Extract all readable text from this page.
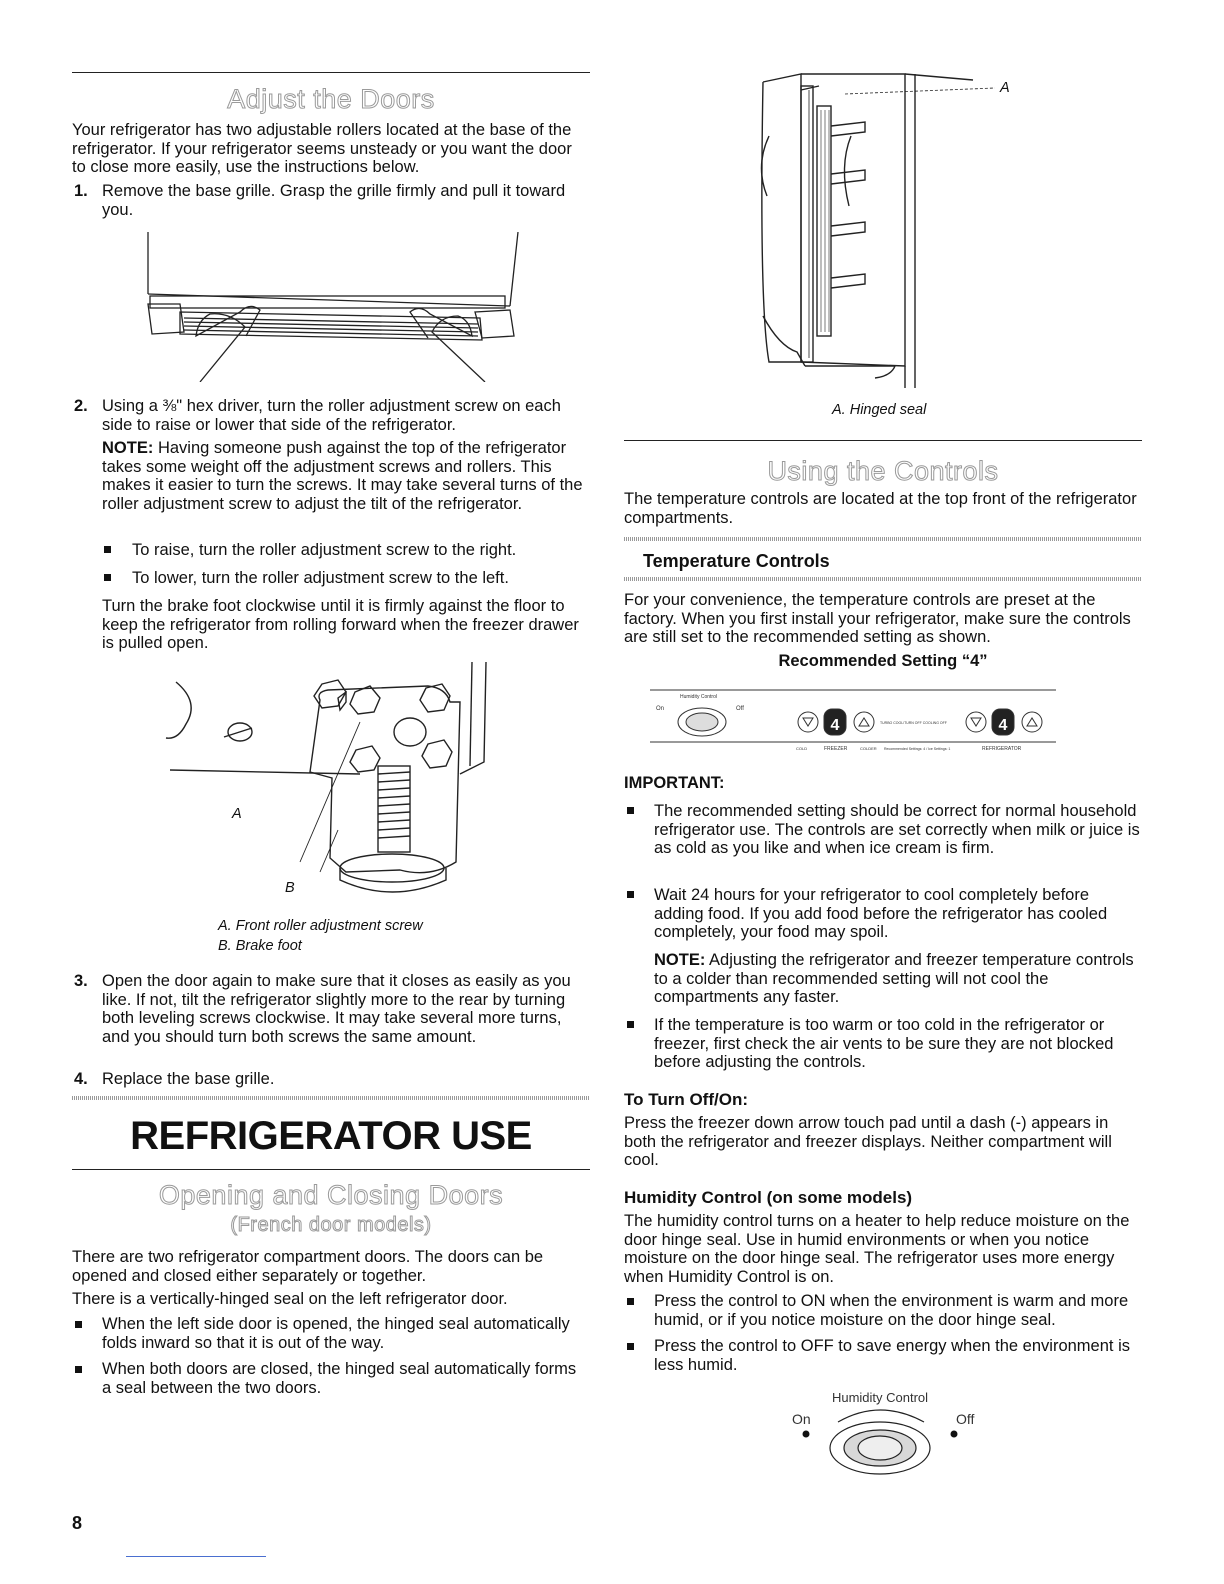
Adjust the Doors
Your refrigerator has two adjustable rollers located at the base of the refrigerator. If your refrigerator seems unsteady or you want the door to close more easily, use the instructions below.
1. Remove the base grille. Grasp the grille firmly and pull it toward you.
2. Using a ⅜" hex driver, turn the roller adjustment screw on each side to raise or lower that side of the refrigerator.
NOTE: Having someone push against the top of the refrigerator takes some weight off the adjustment screws and rollers. This makes it easier to turn the screws. It may take several turns of the roller adjustment screw to adjust the tilt of the refrigerator.
To raise, turn the roller adjustment screw to the right.
To lower, turn the roller adjustment screw to the left.
Turn the brake foot clockwise until it is firmly against the floor to keep the refrigerator from rolling forward when the freezer drawer is pulled open.
A
B
A. Front roller adjustment screw
B. Brake foot
3. Open the door again to make sure that it closes as easily as you like. If not, tilt the refrigerator slightly more to the rear by turning both leveling screws clockwise. It may take several more turns, and you should turn both screws the same amount.
4. Replace the base grille.
REFRIGERATOR USE
Opening and Closing Doors
(French door models)
There are two refrigerator compartment doors. The doors can be opened and closed either separately or together.
There is a vertically-hinged seal on the left refrigerator door.
When the left side door is opened, the hinged seal automatically folds inward so that it is out of the way.
When both doors are closed, the hinged seal automatically forms a seal between the two doors.
8
A
A. Hinged seal
Using the Controls
The temperature controls are located at the top front of the refrigerator compartments.
Temperature Controls
For your convenience, the temperature controls are preset at the factory. When you first install your refrigerator, make sure the controls are still set to the recommended setting as shown.
Recommended Setting “4”
Humidity Control
On	Off
4	4
FREEZER
COLD	COLDER
TURBO COOL/TURN OFF COOLING OFF
Recommended Settings: 4 / Ice Settings: 1	REFRIGERATOR
IMPORTANT:
The recommended setting should be correct for normal household refrigerator use. The controls are set correctly when milk or juice is as cold as you like and when ice cream is firm.
Wait 24 hours for your refrigerator to cool completely before adding food. If you add food before the refrigerator has cooled completely, your food may spoil.
NOTE: Adjusting the refrigerator and freezer temperature controls to a colder than recommended setting will not cool the compartments any faster.
If the temperature is too warm or too cold in the refrigerator or freezer, first check the air vents to be sure they are not blocked before adjusting the controls.
To Turn Off/On:
Press the freezer down arrow touch pad until a dash (-) appears in both the refrigerator and freezer displays. Neither compartment will cool.
Humidity Control (on some models)
The humidity control turns on a heater to help reduce moisture on the door hinge seal. Use in humid environments or when you notice moisture on the door hinge seal. The refrigerator uses more energy when Humidity Control is on.
Press the control to ON when the environment is warm and more humid, or if you notice moisture on the door hinge seal.
Press the control to OFF to save energy when the environment is less humid.
Humidity Control
On	Off
